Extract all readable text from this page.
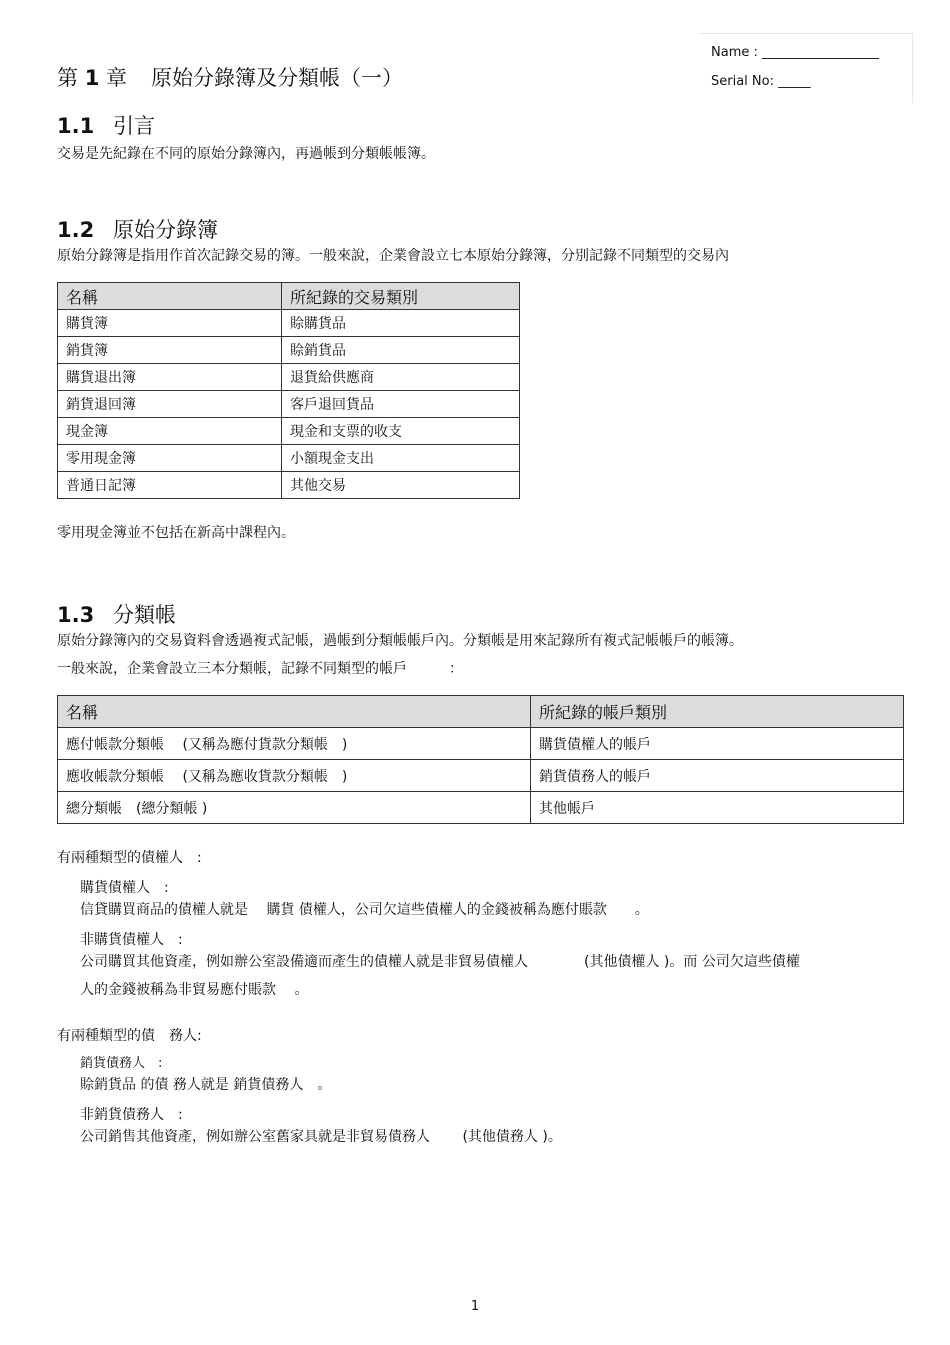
Name : __________________
Serial No: _____
第 1 章 原始分錄簿及分類帳（一）
1.1 引言
交易是先紀錄在不同的原始分錄簿內，再過帳到分類帳帳簿。
1.2 原始分錄簿
原始分錄簿是指用作首次記錄交易的簿。一般來說，企業會設立七本原始分錄簿，分別記錄不同類型的交易內
名稱	所紀錄的交易類別
購貨簿	賒購貨品
銷貨簿	賒銷貨品
購貨退出簿	退貨給供應商
銷貨退回簿	客戶退回貨品
現金簿	現金和支票的收支
零用現金簿	小額現金支出
普通日記簿	其他交易
零用現金簿並不包括在新高中課程內。
1.3 分類帳
原始分錄簿內的交易資料會透過複式記帳，過帳到分類帳帳戶內。分類帳是用來記錄所有複式記帳帳戶的帳簿。
一般來說，企業會設立三本分類帳，記錄不同類型的帳戶　　　：
名稱	所紀錄的帳戶類別
應付帳款分類帳　 (又稱為應付貨款分類帳　)	購貨債權人的帳戶
應收帳款分類帳　 (又稱為應收貨款分類帳　)	銷貨債務人的帳戶
總分類帳　(總分類帳 )	其他帳戶
有兩種類型的債權人　:
購貨債權人　:
信貸購買商品的債權人就是　 購貨 債權人，公司欠這些債權人的金錢被稱為應付賬款　　。
非購貨債權人　:
公司購買其他資產，例如辦公室設備適而產生的債權人就是非貿易債權人　　　　(其他債權人 )。而 公司欠這些債權
人的金錢被稱為非貿易應付賬款　 。
有兩種類型的債　務人:
銷貨債務人　:
賒銷貨品 的債 務人就是 銷貨債務人　。
非銷貨債務人　:
公司銷售其他資產，例如辦公室舊家具就是非貿易債務人　　 (其他債務人 )。
1
